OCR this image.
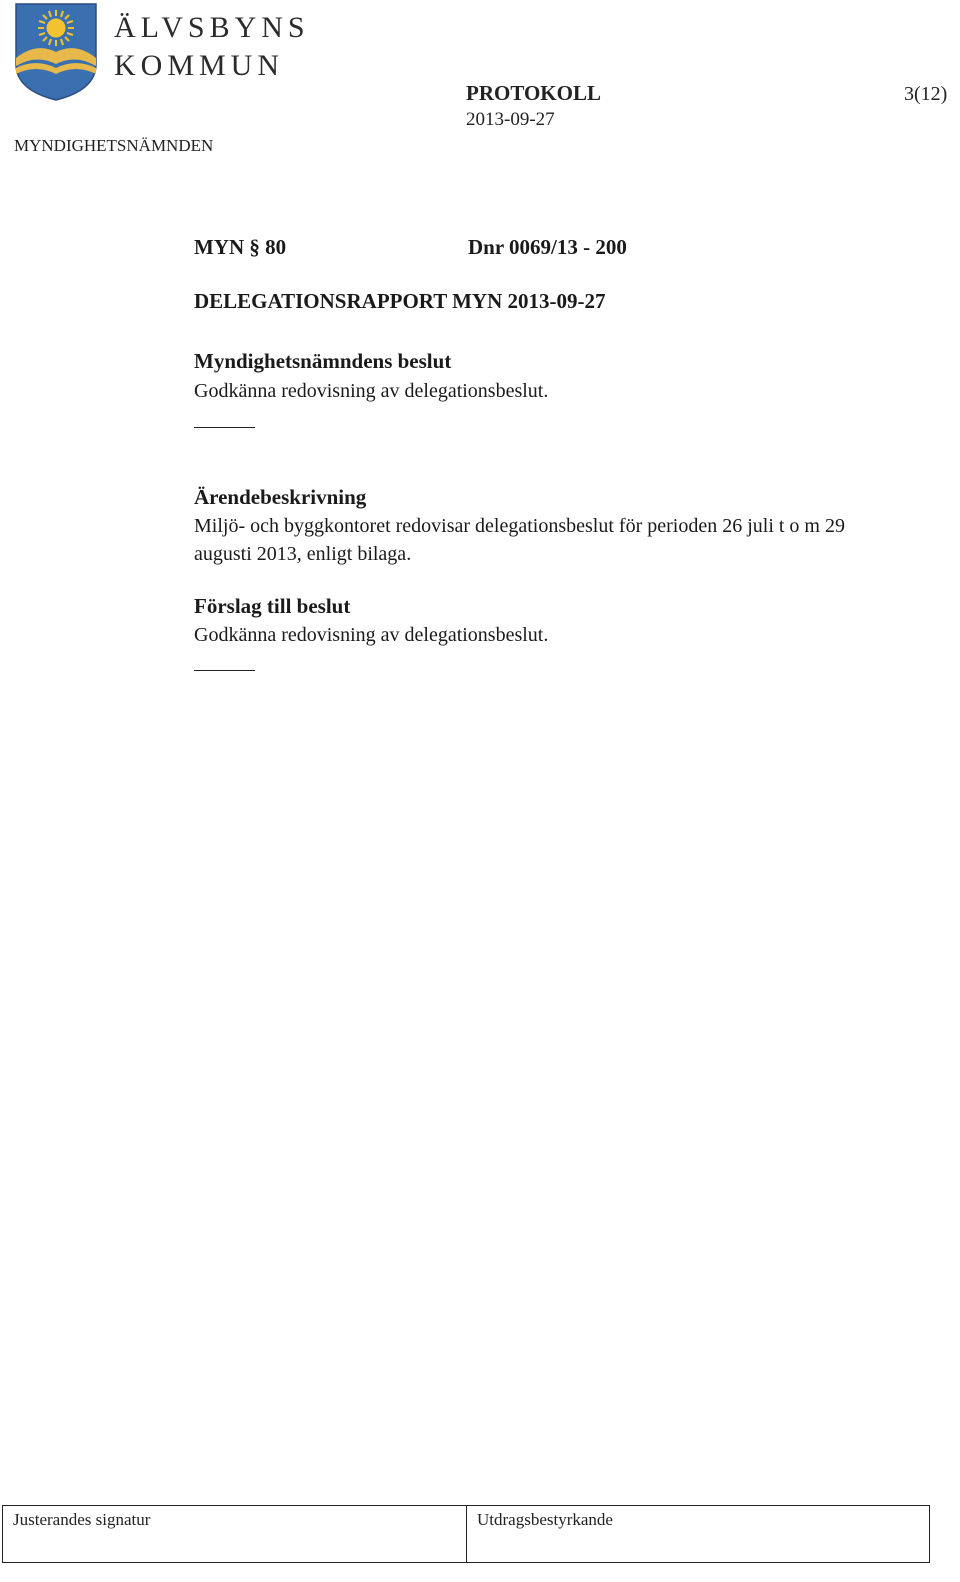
ÄLVSBYNS
KOMMUN
MYNDIGHETSNÄMNDEN
PROTOKOLL
2013-09-27
3(12)
MYN § 80	Dnr 0069/13 - 200
DELEGATIONSRAPPORT MYN 2013-09-27
Myndighetsnämndens beslut
Godkänna redovisning av delegationsbeslut.
Ärendebeskrivning
Miljö- och byggkontoret redovisar delegationsbeslut för perioden 26 juli t o m 29 augusti 2013, enligt bilaga.
Förslag till beslut
Godkänna redovisning av delegationsbeslut.
Justerandes signatur	Utdragsbestyrkande
